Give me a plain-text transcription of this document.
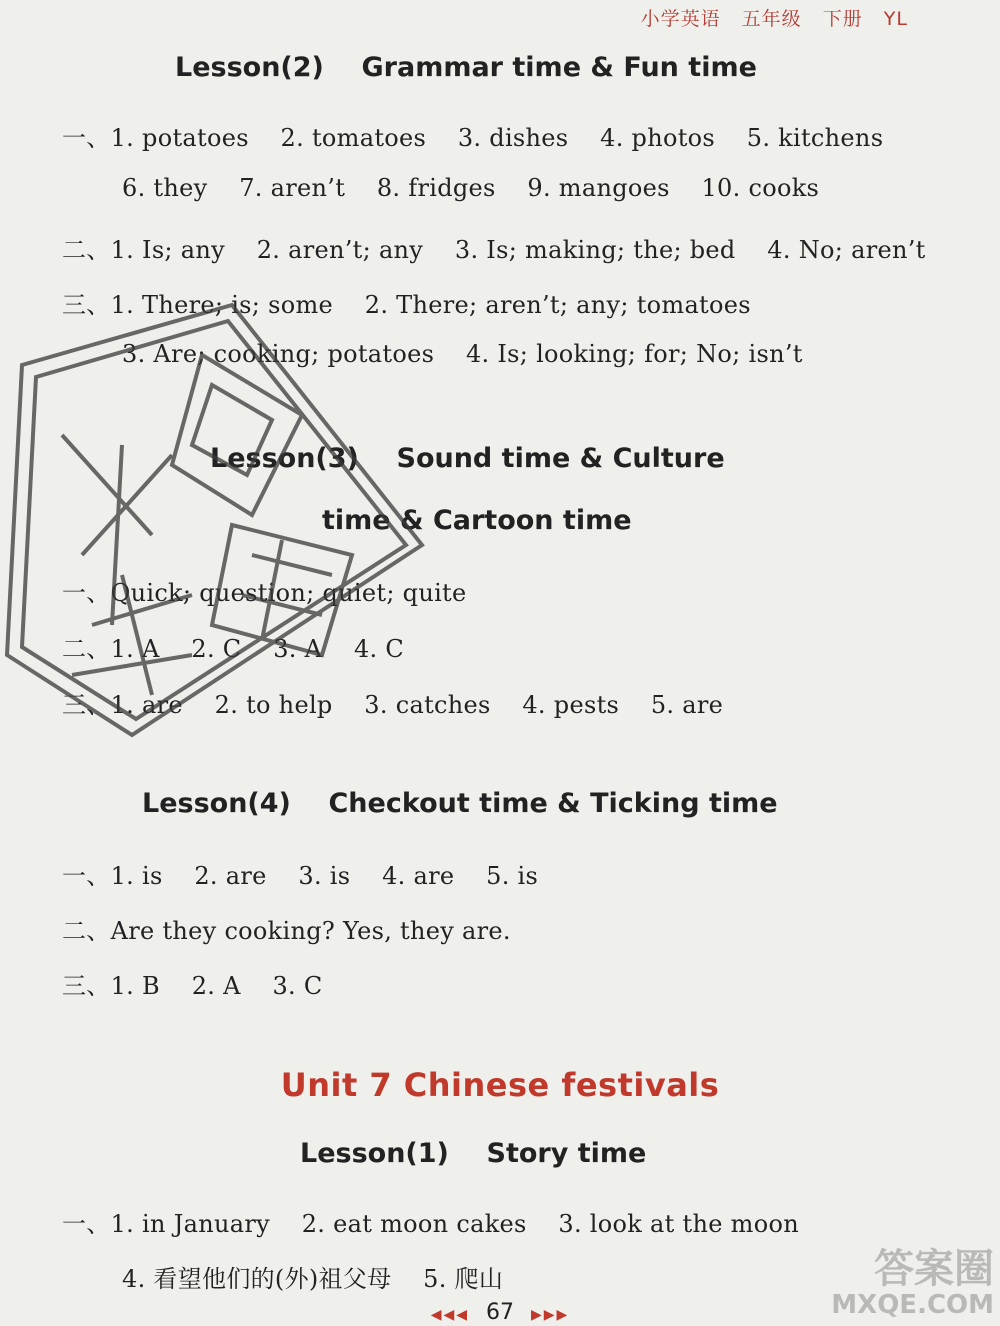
小学英语 五年级 下册 YL
Lesson(2)    Grammar time & Fun time
一、1. potatoes    2. tomatoes    3. dishes    4. photos    5. kitchens
6. they    7. aren’t    8. fridges    9. mangoes    10. cooks
二、1. Is; any    2. aren’t; any    3. Is; making; the; bed    4. No; aren’t
三、1. There; is; some    2. There; aren’t; any; tomatoes
3. Are; cooking; potatoes    4. Is; looking; for; No; isn’t
Lesson(3)    Sound time & Culture
time & Cartoon time
一、Quick; question; quiet; quite
二、1. A    2. C    3. A    4. C
三、1. are    2. to help    3. catches    4. pests    5. are
Lesson(4)    Checkout time & Ticking time
一、1. is    2. are    3. is    4. are    5. is
二、Are they cooking? Yes, they are.
三、1. B    2. A    3. C
Unit 7 Chinese festivals
Lesson(1)    Story time
一、1. in January    2. eat moon cakes    3. look at the moon
4. 看望他们的(外)祖父母    5. 爬山
◀◀◀ 67 ▶▶▶
答案圈
MXQE.COM
